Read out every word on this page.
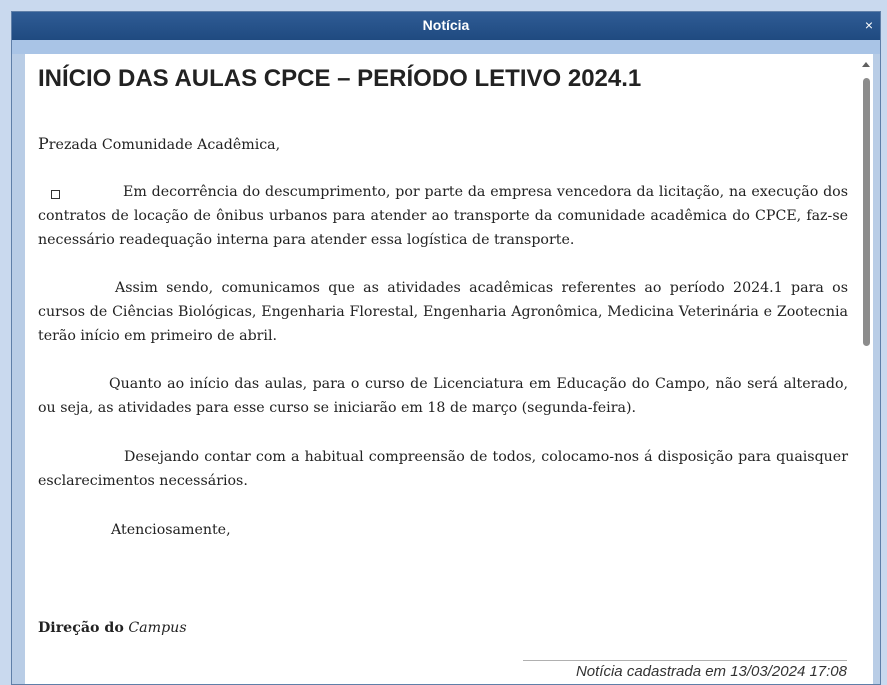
Notícia	×
INÍCIO DAS AULAS CPCE – PERÍODO LETIVO 2024.1

Prezada Comunidade Acadêmica,

Em decorrência do descumprimento, por parte da empresa vencedora da licitação, na execução dos contratos de locação de ônibus urbanos para atender ao transporte da comunidade acadêmica do CPCE, faz-se necessário readequação interna para atender essa logística de transporte.

Assim sendo, comunicamos que as atividades acadêmicas referentes ao período 2024.1 para os cursos de Ciências Biológicas, Engenharia Florestal, Engenharia Agronômica, Medicina Veterinária e Zootecnia terão início em primeiro de abril.

Quanto ao início das aulas, para o curso de Licenciatura em Educação do Campo, não será alterado, ou seja, as atividades para esse curso se iniciarão em 18 de março (segunda-feira).

Desejando contar com a habitual compreensão de todos, colocamo-nos á disposição para quaisquer esclarecimentos necessários.

Atenciosamente,

Direção do Campus

Notícia cadastrada em 13/03/2024 17:08
